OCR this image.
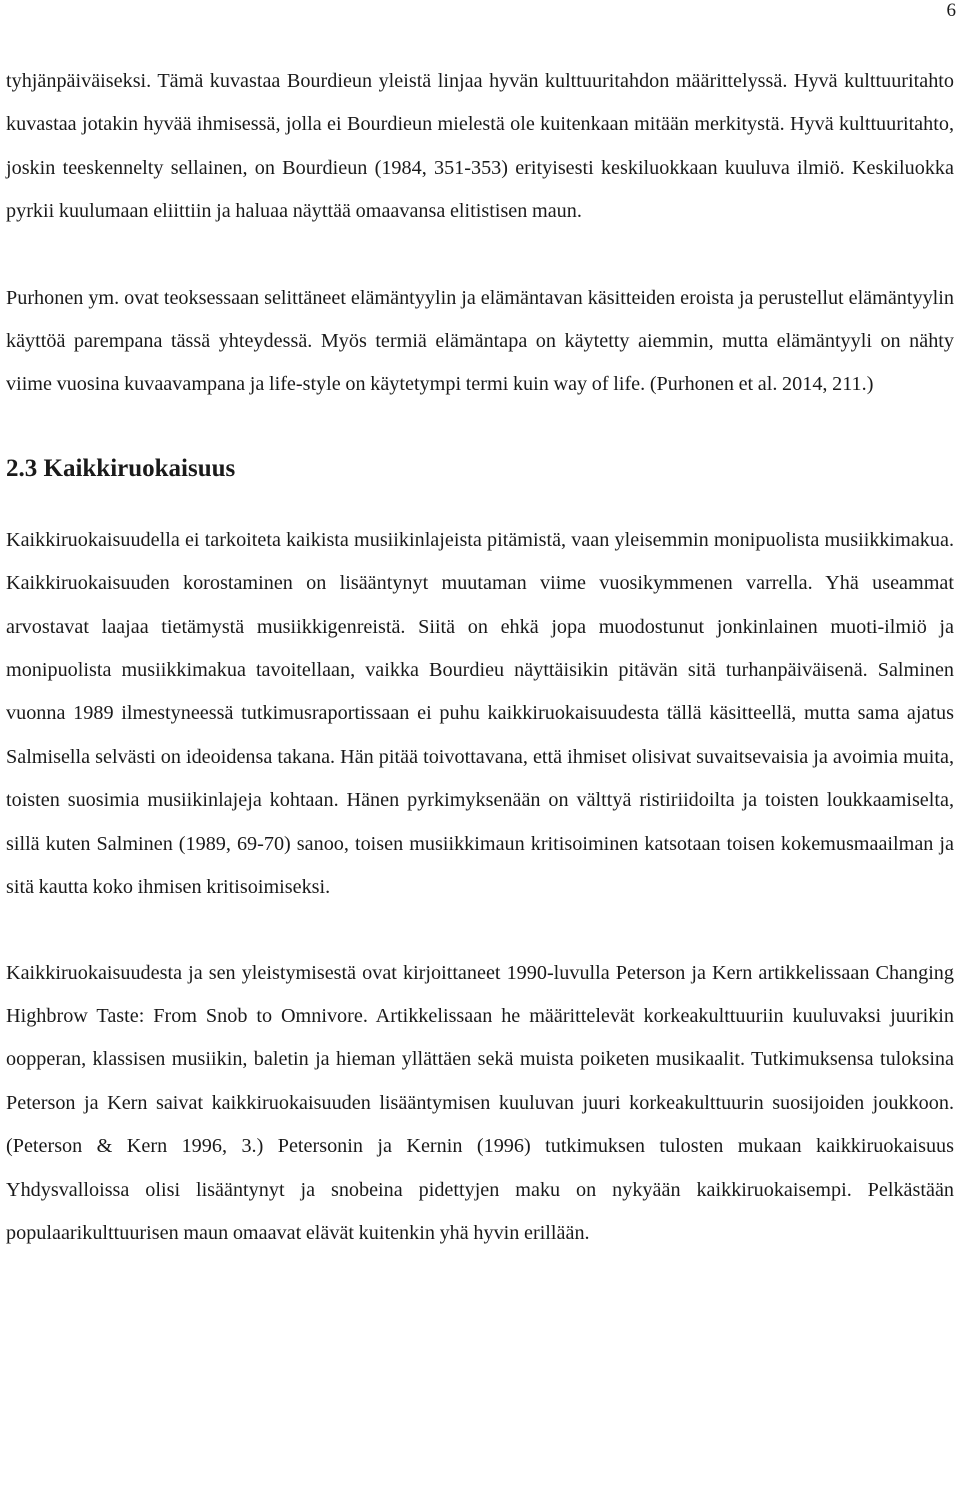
6

tyhjänpäiväiseksi. Tämä kuvastaa Bourdieun yleistä linjaa hyvän kulttuuritahdon määrittelyssä. Hyvä kulttuuritahto kuvastaa jotakin hyvää ihmisessä, jolla ei Bourdieun mielestä ole kuitenkaan mitään merkitystä. Hyvä kulttuuritahto, joskin teeskennelty sellainen, on Bourdieun (1984, 351-353) erityisesti keskiluokkaan kuuluva ilmiö. Keskiluokka pyrkii kuulumaan eliittiin ja haluaa näyttää omaavansa elitistisen maun.

Purhonen ym. ovat teoksessaan selittäneet elämäntyylin ja elämäntavan käsitteiden eroista ja perustellut elämäntyylin käyttöä parempana tässä yhteydessä. Myös termiä elämäntapa on käytetty aiemmin, mutta elämäntyyli on nähty viime vuosina kuvaavampana ja life-style on käytetympi termi kuin way of life. (Purhonen et al. 2014, 211.)

2.3 Kaikkiruokaisuus

Kaikkiruokaisuudella ei tarkoiteta kaikista musiikinlajeista pitämistä, vaan yleisemmin monipuolista musiikkimakua. Kaikkiruokaisuuden korostaminen on lisääntynyt muutaman viime vuosikymmenen varrella. Yhä useammat arvostavat laajaa tietämystä musiikkigenreistä. Siitä on ehkä jopa muodostunut jonkinlainen muoti-ilmiö ja monipuolista musiikkimakua tavoitellaan, vaikka Bourdieu näyttäisikin pitävän sitä turhanpäiväisenä. Salminen vuonna 1989 ilmestyneessä tutkimusraportissaan ei puhu kaikkiruokaisuudesta tällä käsitteellä, mutta sama ajatus Salmisella selvästi on ideoidensa takana. Hän pitää toivottavana, että ihmiset olisivat suvaitsevaisia ja avoimia muita, toisten suosimia musiikinlajeja kohtaan. Hänen pyrkimyksenään on välttyä ristiriidoilta ja toisten loukkaamiselta, sillä kuten Salminen (1989, 69-70) sanoo, toisen musiikkimaun kritisoiminen katsotaan toisen kokemusmaailman ja sitä kautta koko ihmisen kritisoimiseksi.

Kaikkiruokaisuudesta ja sen yleistymisestä ovat kirjoittaneet 1990-luvulla Peterson ja Kern artikkelissaan Changing Highbrow Taste: From Snob to Omnivore. Artikkelissaan he määrittelevät korkeakulttuuriin kuuluvaksi juurikin oopperan, klassisen musiikin, baletin ja hieman yllättäen sekä muista poiketen musikaalit. Tutkimuksensa tuloksina Peterson ja Kern saivat kaikkiruokaisuuden lisääntymisen kuuluvan juuri korkeakulttuurin suosijoiden joukkoon. (Peterson & Kern 1996, 3.) Petersonin ja Kernin (1996) tutkimuksen tulosten mukaan kaikkiruokaisuus Yhdysvalloissa olisi lisääntynyt ja snobeina pidettyjen maku on nykyään kaikkiruokaisempi. Pelkästään populaarikulttuurisen maun omaavat elävät kuitenkin yhä hyvin erillään.
